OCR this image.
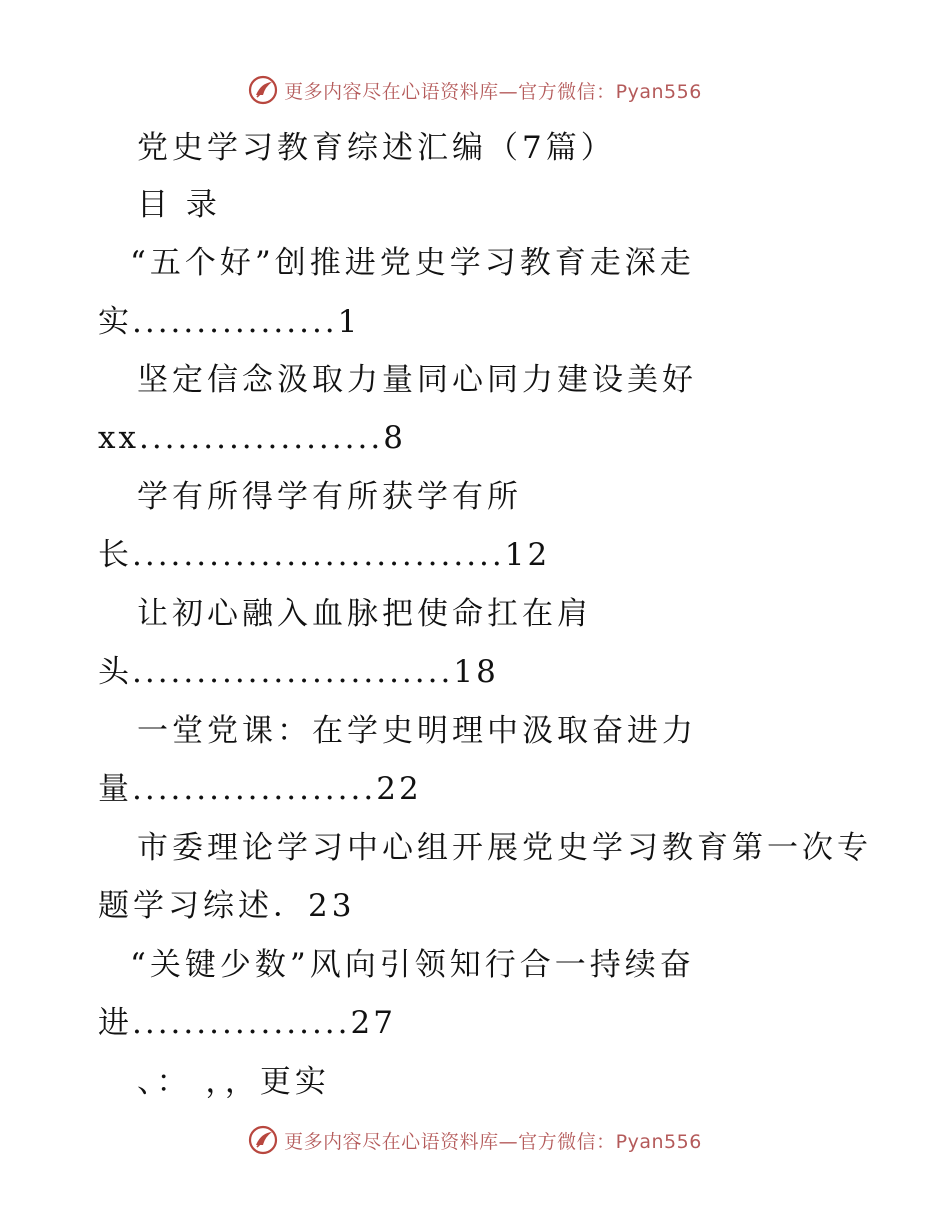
更多内容尽在心语资料库—官方微信：Pyan556
党史学习教育综述汇编（7篇）
目 录
“五个好”创推进党史学习教育走深走
实................1
坚定信念汲取力量同心同力建设美好
xx...................8
学有所得学有所获学有所
长.............................12
让初心融入血脉把使命扛在肩
头.........................18
一堂党课：在学史明理中汲取奋进力
量...................22
市委理论学习中心组开展党史学习教育第一次专
题学习综述．23
“关键少数”风向引领知行合一持续奋
进.................27
、： ，，更实
更多内容尽在心语资料库—官方微信：Pyan556
